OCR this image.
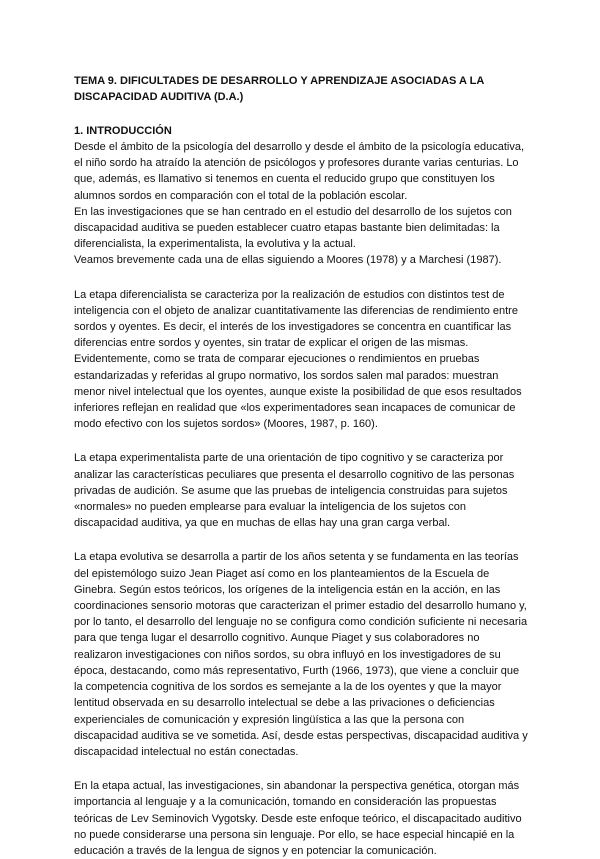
TEMA 9. DIFICULTADES DE DESARROLLO Y APRENDIZAJE ASOCIADAS A LA DISCAPACIDAD AUDITIVA (D.A.)

1. INTRODUCCIÓN

Desde el ámbito de la psicología del desarrollo y desde el ámbito de la psicología educativa, el niño sordo ha atraído la atención de psicólogos y profesores durante varias centurias. Lo que, además, es llamativo si tenemos en cuenta el reducido grupo que constituyen los alumnos sordos en comparación con el total de la población escolar.

En las investigaciones que se han centrado en el estudio del desarrollo de los sujetos con discapacidad auditiva se pueden establecer cuatro etapas bastante bien delimitadas: la diferencialista, la experimentalista, la evolutiva y la actual.

Veamos brevemente cada una de ellas siguiendo a Moores (1978) y a Marchesi (1987).

La etapa diferencialista se caracteriza por la realización de estudios con distintos test de inteligencia con el objeto de analizar cuantitativamente las diferencias de rendimiento entre sordos y oyentes. Es decir, el interés de los investigadores se concentra en cuantificar las diferencias entre sordos y oyentes, sin tratar de explicar el origen de las mismas. Evidentemente, como se trata de comparar ejecuciones o rendimientos en pruebas estandarizadas y referidas al grupo normativo, los sordos salen mal parados: muestran menor nivel intelectual que los oyentes, aunque existe la posibilidad de que esos resultados inferiores reflejan en realidad que «los experimentadores sean incapaces de comunicar de modo efectivo con los sujetos sordos» (Moores, 1987, p. 160).

La etapa experimentalista parte de una orientación de tipo cognitivo y se caracteriza por analizar las características peculiares que presenta el desarrollo cognitivo de las personas privadas de audición. Se asume que las pruebas de inteligencia construidas para sujetos «normales» no pueden emplearse para evaluar la inteligencia de los sujetos con discapacidad auditiva, ya que en muchas de ellas hay una gran carga verbal.

La etapa evolutiva se desarrolla a partir de los años setenta y se fundamenta en las teorías del epistemólogo suizo Jean Piaget así como en los planteamientos de la Escuela de Ginebra. Según estos teóricos, los orígenes de la inteligencia están en la acción, en las coordinaciones sensorio motoras que caracterizan el primer estadio del desarrollo humano y, por lo tanto, el desarrollo del lenguaje no se configura como condición suficiente ni necesaria para que tenga lugar el desarrollo cognitivo. Aunque Piaget y sus colaboradores no realizaron investigaciones con niños sordos, su obra influyó en los investigadores de su época, destacando, como más representativo, Furth (1966, 1973), que viene a concluir que la competencia cognitiva de los sordos es semejante a la de los oyentes y que la mayor lentitud observada en su desarrollo intelectual se debe a las privaciones o deficiencias experienciales de comunicación y expresión lingüística a las que la persona con discapacidad auditiva se ve sometida. Así, desde estas perspectivas, discapacidad auditiva y discapacidad intelectual no están conectadas.

En la etapa actual, las investigaciones, sin abandonar la perspectiva genética, otorgan más importancia al lenguaje y a la comunicación, tomando en consideración las propuestas teóricas de Lev Seminovich Vygotsky. Desde este enfoque teórico, el discapacitado auditivo no puede considerarse una persona sin lenguaje. Por ello, se hace especial hincapié en la educación a través de la lengua de signos y en potenciar la comunicación.
